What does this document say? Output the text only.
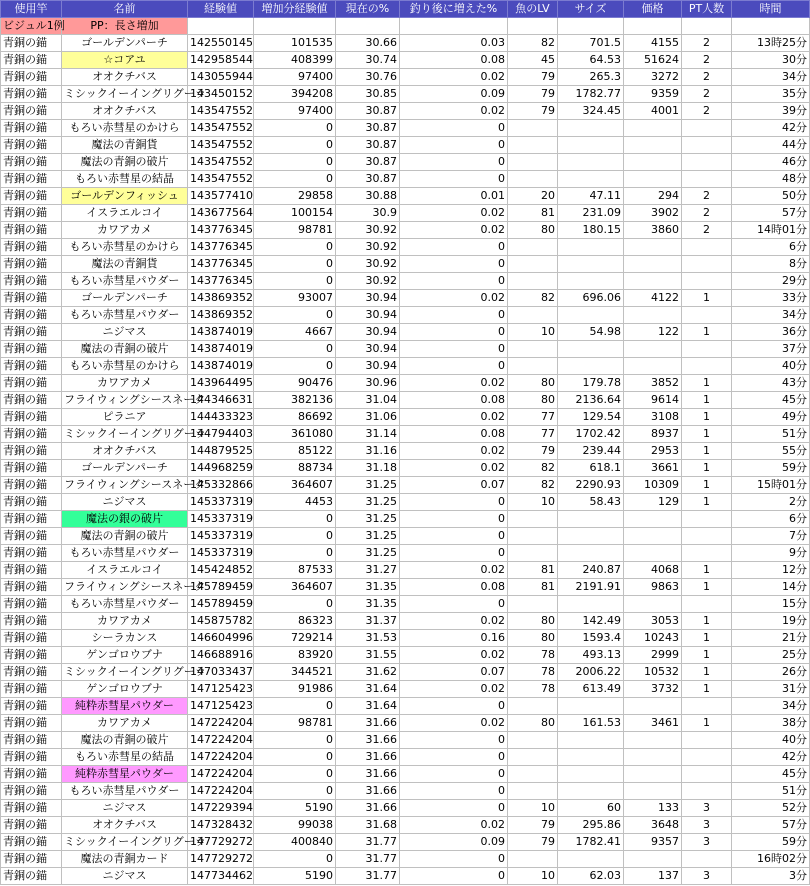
使用竿	名前	経験値	増加分経験値	現在の%	釣り後に増えた%	魚のLV	サイズ	価格	PT人数	時間
ビジュル1例	PP：長さ増加									
青銅の錨	ゴールデンパーチ	142550145	101535	30.66	0.03	82	701.5	4155	2	13時25分
青銅の錨	☆コアユ	142958544	408399	30.74	0.08	45	64.53	51624	2	30分
青銅の錨	オオクチバス	143055944	97400	30.76	0.02	79	265.3	3272	2	34分
青銅の錨	ミシックイーイングリグーラ	143450152	394208	30.85	0.09	79	1782.77	9359	2	35分
青銅の錨	オオクチバス	143547552	97400	30.87	0.02	79	324.45	4001	2	39分
青銅の錨	もろい赤彗星のかけら	143547552	0	30.87	0					42分
青銅の錨	魔法の青銅貨	143547552	0	30.87	0					44分
青銅の錨	魔法の青銅の破片	143547552	0	30.87	0					46分
青銅の錨	もろい赤彗星の結晶	143547552	0	30.87	0					48分
青銅の錨	ゴールデンフィッシュ	143577410	29858	30.88	0.01	20	47.11	294	2	50分
青銅の錨	イスラエルコイ	143677564	100154	30.9	0.02	81	231.09	3902	2	57分
青銅の錨	カワアカメ	143776345	98781	30.92	0.02	80	180.15	3860	2	14時01分
青銅の錨	もろい赤彗星のかけら	143776345	0	30.92	0					6分
青銅の錨	魔法の青銅貨	143776345	0	30.92	0					8分
青銅の錨	もろい赤彗星パウダー	143776345	0	30.92	0					29分
青銅の錨	ゴールデンパーチ	143869352	93007	30.94	0.02	82	696.06	4122	1	33分
青銅の錨	もろい赤彗星パウダー	143869352	0	30.94	0					34分
青銅の錨	ニジマス	143874019	4667	30.94	0	10	54.98	122	1	36分
青銅の錨	魔法の青銅の破片	143874019	0	30.94	0					37分
青銅の錨	もろい赤彗星のかけら	143874019	0	30.94	0					40分
青銅の錨	カワアカメ	143964495	90476	30.96	0.02	80	179.78	3852	1	43分
青銅の錨	フライウィングシースネーク	144346631	382136	31.04	0.08	80	2136.64	9614	1	45分
青銅の錨	ピラニア	144433323	86692	31.06	0.02	77	129.54	3108	1	49分
青銅の錨	ミシックイーイングリグーラ	144794403	361080	31.14	0.08	77	1702.42	8937	1	51分
青銅の錨	オオクチバス	144879525	85122	31.16	0.02	79	239.44	2953	1	55分
青銅の錨	ゴールデンパーチ	144968259	88734	31.18	0.02	82	618.1	3661	1	59分
青銅の錨	フライウィングシースネーク	145332866	364607	31.25	0.07	82	2290.93	10309	1	15時01分
青銅の錨	ニジマス	145337319	4453	31.25	0	10	58.43	129	1	2分
青銅の錨	魔法の銀の破片	145337319	0	31.25	0					6分
青銅の錨	魔法の青銅の破片	145337319	0	31.25	0					7分
青銅の錨	もろい赤彗星パウダー	145337319	0	31.25	0					9分
青銅の錨	イスラエルコイ	145424852	87533	31.27	0.02	81	240.87	4068	1	12分
青銅の錨	フライウィングシースネーク	145789459	364607	31.35	0.08	81	2191.91	9863	1	14分
青銅の錨	もろい赤彗星パウダー	145789459	0	31.35	0					15分
青銅の錨	カワアカメ	145875782	86323	31.37	0.02	80	142.49	3053	1	19分
青銅の錨	シーラカンス	146604996	729214	31.53	0.16	80	1593.4	10243	1	21分
青銅の錨	ゲンゴロウブナ	146688916	83920	31.55	0.02	78	493.13	2999	1	25分
青銅の錨	ミシックイーイングリグーラ	147033437	344521	31.62	0.07	78	2006.22	10532	1	26分
青銅の錨	ゲンゴロウブナ	147125423	91986	31.64	0.02	78	613.49	3732	1	31分
青銅の錨	純粋赤彗星パウダー	147125423	0	31.64	0					34分
青銅の錨	カワアカメ	147224204	98781	31.66	0.02	80	161.53	3461	1	38分
青銅の錨	魔法の青銅の破片	147224204	0	31.66	0					40分
青銅の錨	もろい赤彗星の結晶	147224204	0	31.66	0					42分
青銅の錨	純粋赤彗星パウダー	147224204	0	31.66	0					45分
青銅の錨	もろい赤彗星パウダー	147224204	0	31.66	0					51分
青銅の錨	ニジマス	147229394	5190	31.66	0	10	60	133	3	52分
青銅の錨	オオクチバス	147328432	99038	31.68	0.02	79	295.86	3648	3	57分
青銅の錨	ミシックイーイングリグーラ	147729272	400840	31.77	0.09	79	1782.41	9357	3	59分
青銅の錨	魔法の青銅カード	147729272	0	31.77	0					16時02分
青銅の錨	ニジマス	147734462	5190	31.77	0	10	62.03	137	3	3分
